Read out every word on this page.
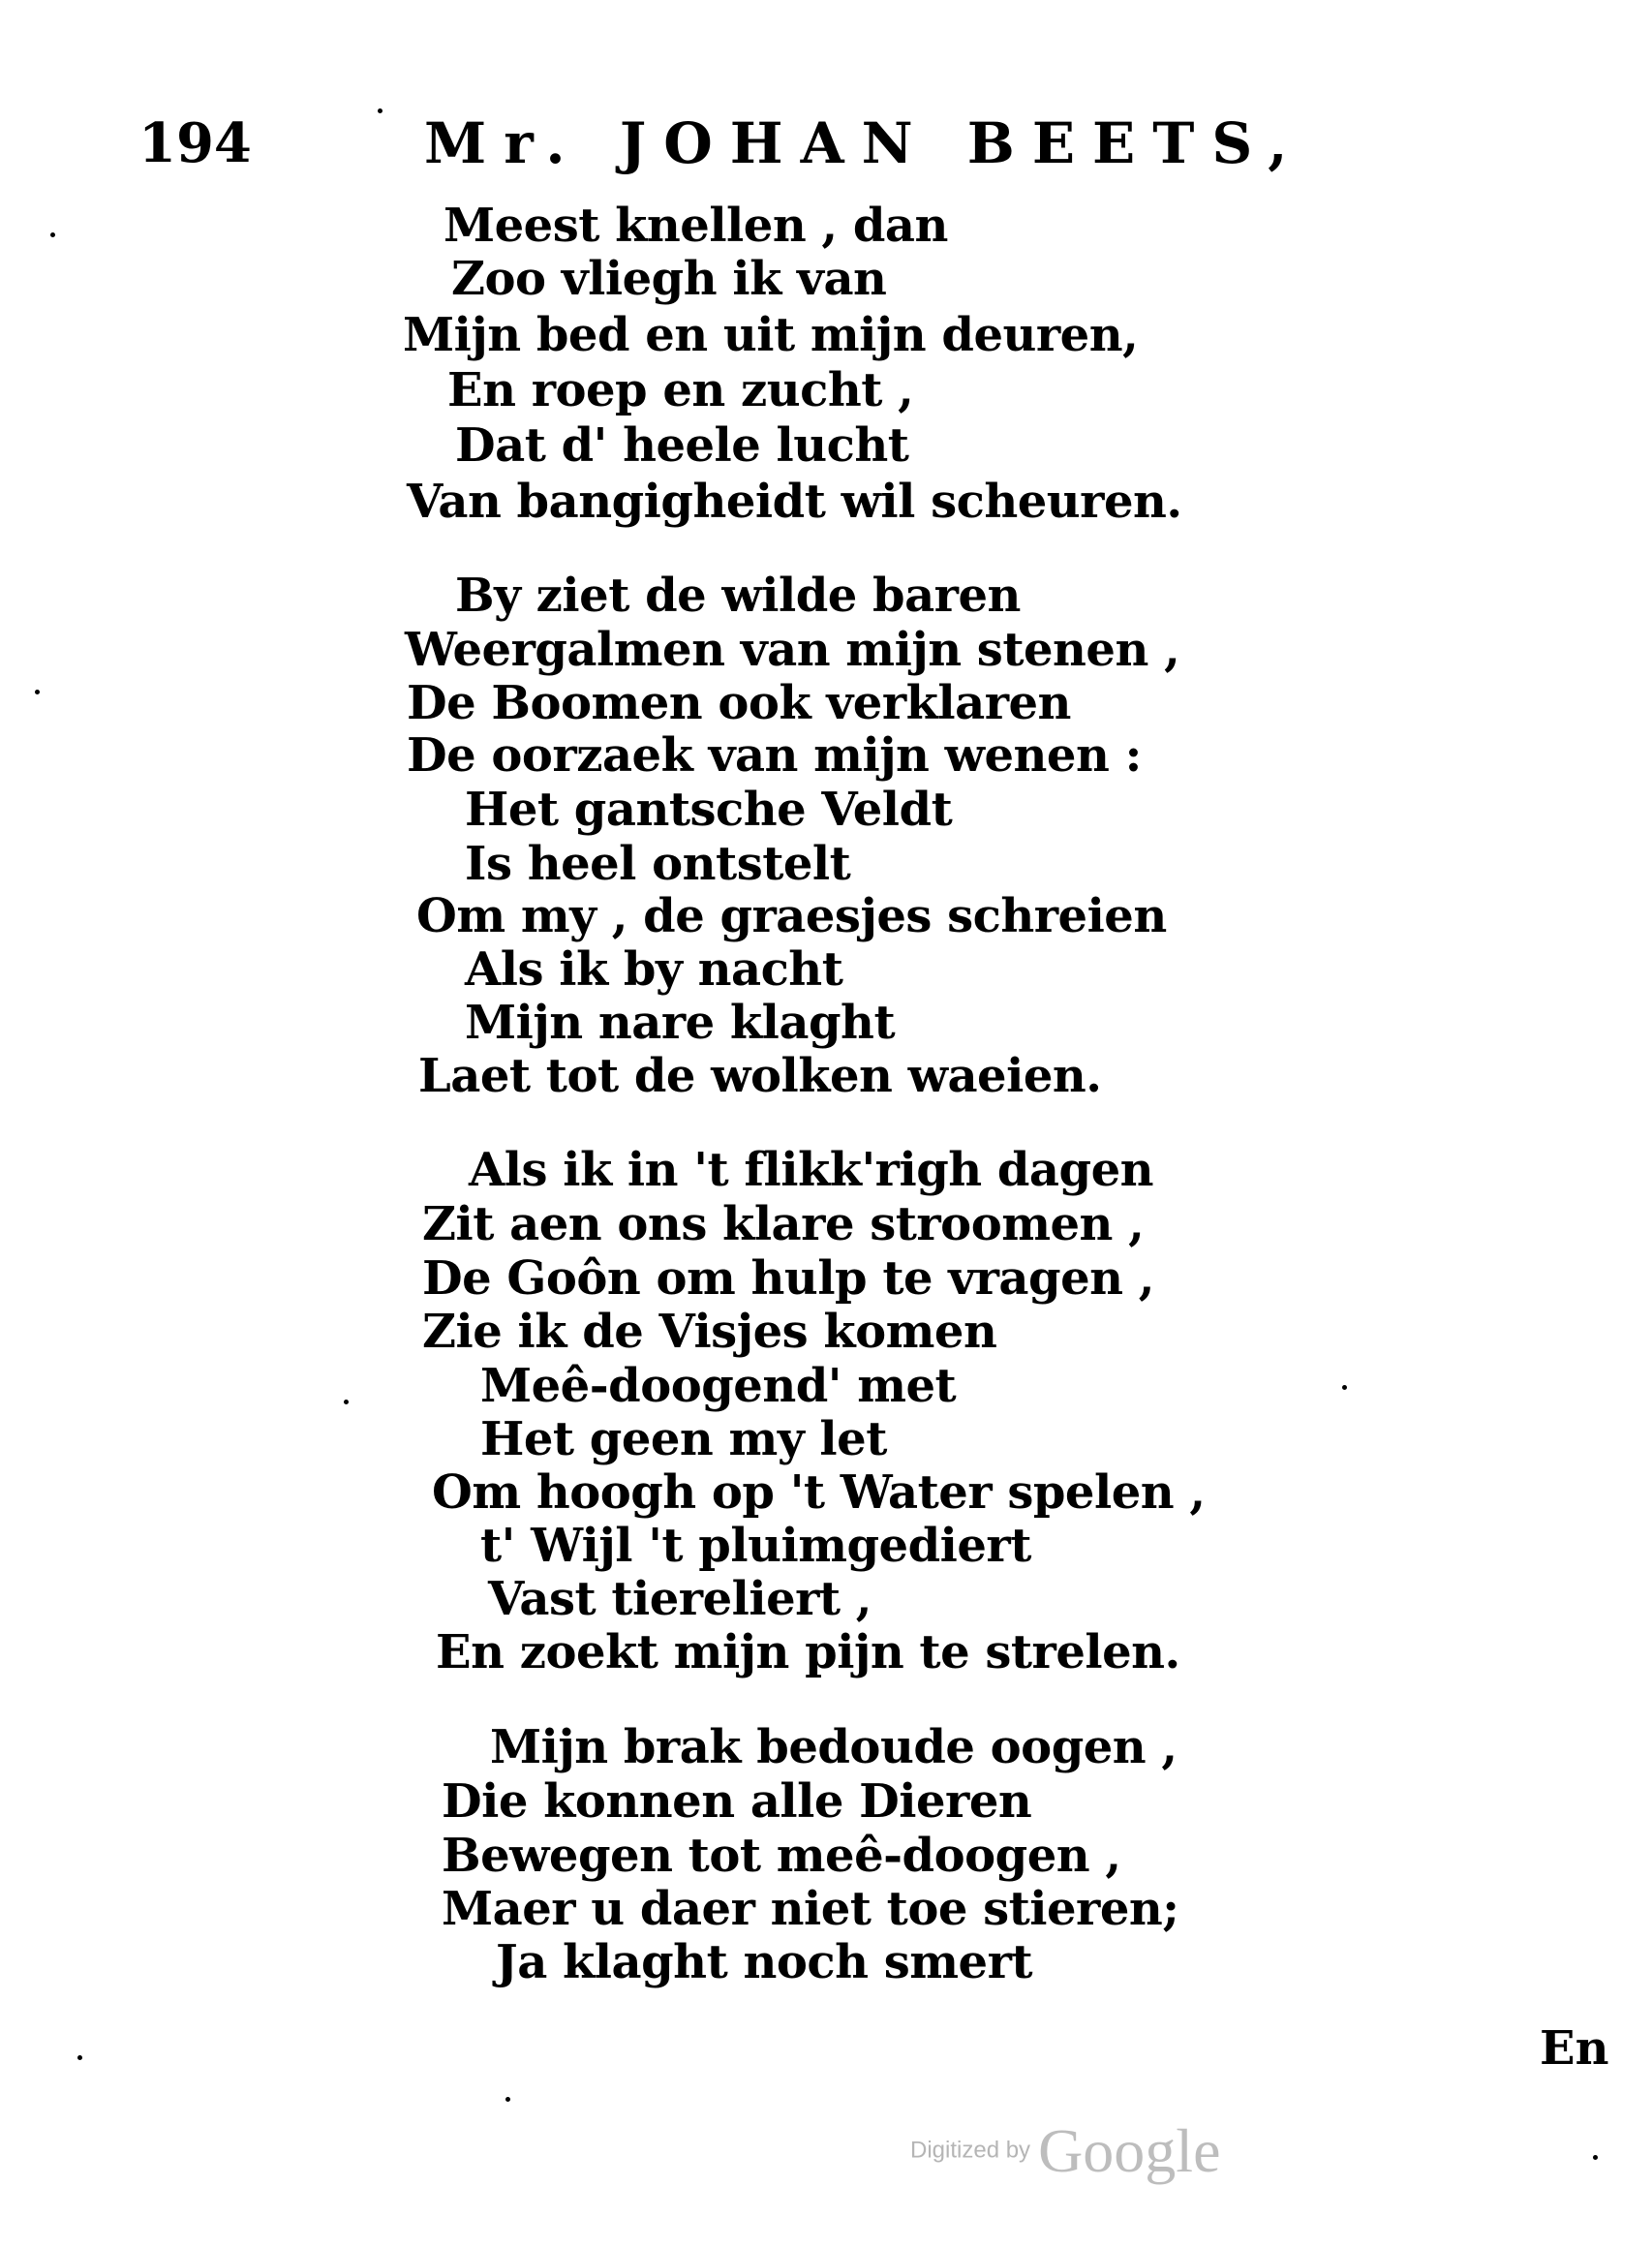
194	Mr. JOHAN BEETS,
Meest knellen , dan
Zoo vliegh ik van
Mijn bed en uit mijn deuren,
En roep en zucht ,
Dat d' heele lucht
Van bangigheidt wil scheuren.
By ziet de wilde baren
Weergalmen van mijn stenen ,
De Boomen ook verklaren
De oorzaek van mijn wenen :
Het gantsche Veldt
Is heel ontstelt
Om my , de graesjes schreien
Als ik by nacht
Mijn nare klaght
Laet tot de wolken waeien.
Als ik in 't flikk'righ dagen
Zit aen ons klare stroomen ,
De Goôn om hulp te vragen ,
Zie ik de Visjes komen
Meê-doogend' met
Het geen my let
Om hoogh op 't Water spelen ,
t' Wijl 't pluimgediert
Vast tiereliert ,
En zoekt mijn pijn te strelen.
Mijn brak bedoude oogen ,
Die konnen alle Dieren
Bewegen tot meê-doogen ,
Maer u daer niet toe stieren;
Ja klaght noch smert
En
Digitized by Google
